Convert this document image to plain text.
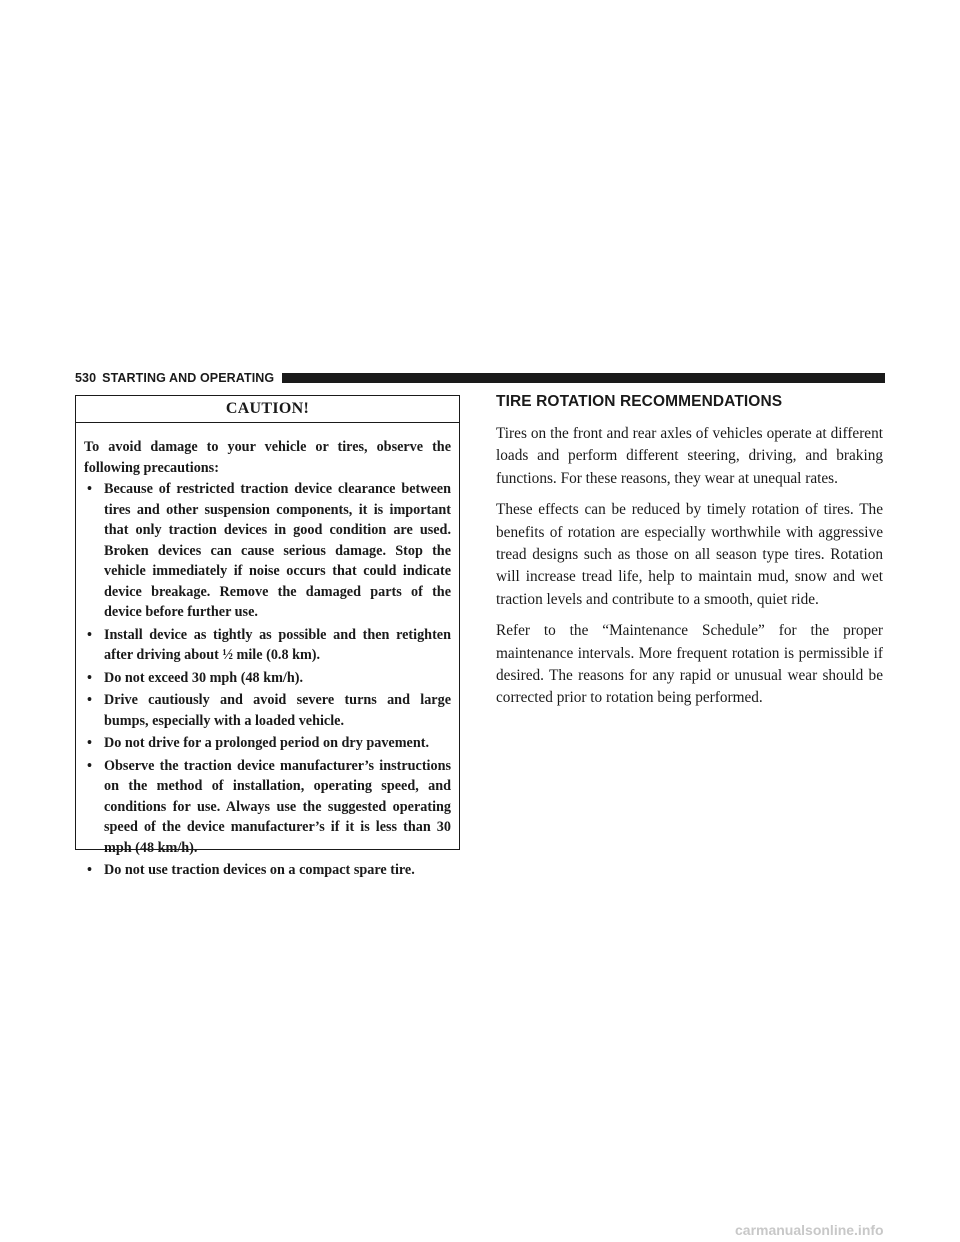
530 STARTING AND OPERATING
CAUTION!

To avoid damage to your vehicle or tires, observe the following precautions:

• Because of restricted traction device clearance between tires and other suspension components, it is important that only traction devices in good condition are used. Broken devices can cause serious damage. Stop the vehicle immediately if noise occurs that could indicate device breakage. Remove the damaged parts of the device before further use.
• Install device as tightly as possible and then retighten after driving about ½ mile (0.8 km).
• Do not exceed 30 mph (48 km/h).
• Drive cautiously and avoid severe turns and large bumps, especially with a loaded vehicle.
• Do not drive for a prolonged period on dry pavement.
• Observe the traction device manufacturer’s instructions on the method of installation, operating speed, and conditions for use. Always use the suggested operating speed of the device manufacturer’s if it is less than 30 mph (48 km/h).
• Do not use traction devices on a compact spare tire.
TIRE ROTATION RECOMMENDATIONS

Tires on the front and rear axles of vehicles operate at different loads and perform different steering, driving, and braking functions. For these reasons, they wear at unequal rates.

These effects can be reduced by timely rotation of tires. The benefits of rotation are especially worthwhile with aggressive tread designs such as those on all season type tires. Rotation will increase tread life, help to maintain mud, snow and wet traction levels and contribute to a smooth, quiet ride.

Refer to the “Maintenance Schedule” for the proper maintenance intervals. More frequent rotation is permissible if desired. The reasons for any rapid or unusual wear should be corrected prior to rotation being performed.

carmanualsonline.info
